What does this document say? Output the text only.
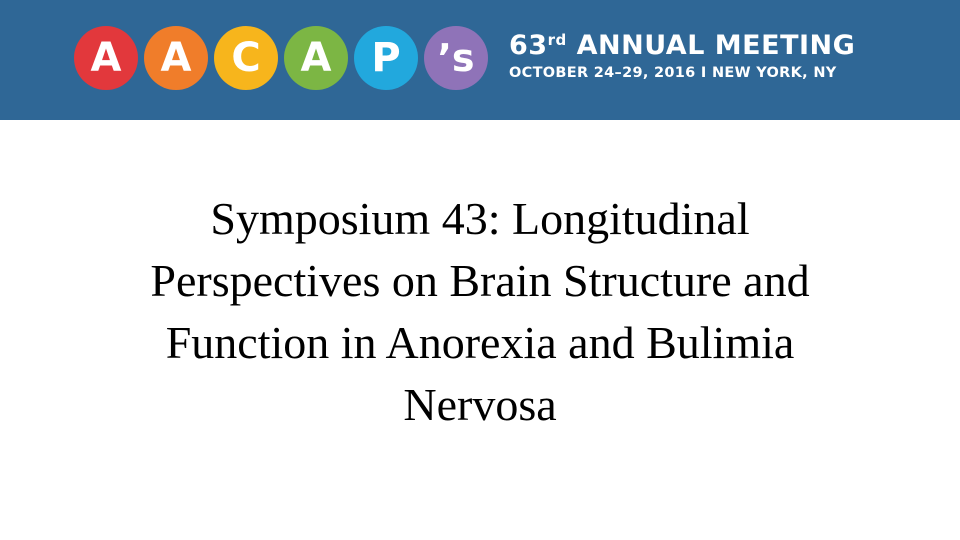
A A C A P ’s	63rd ANNUAL MEETING
OCTOBER 24–29, 2016 I NEW YORK, NY
Symposium 43: Longitudinal
Perspectives on Brain Structure and
Function in Anorexia and Bulimia
Nervosa
